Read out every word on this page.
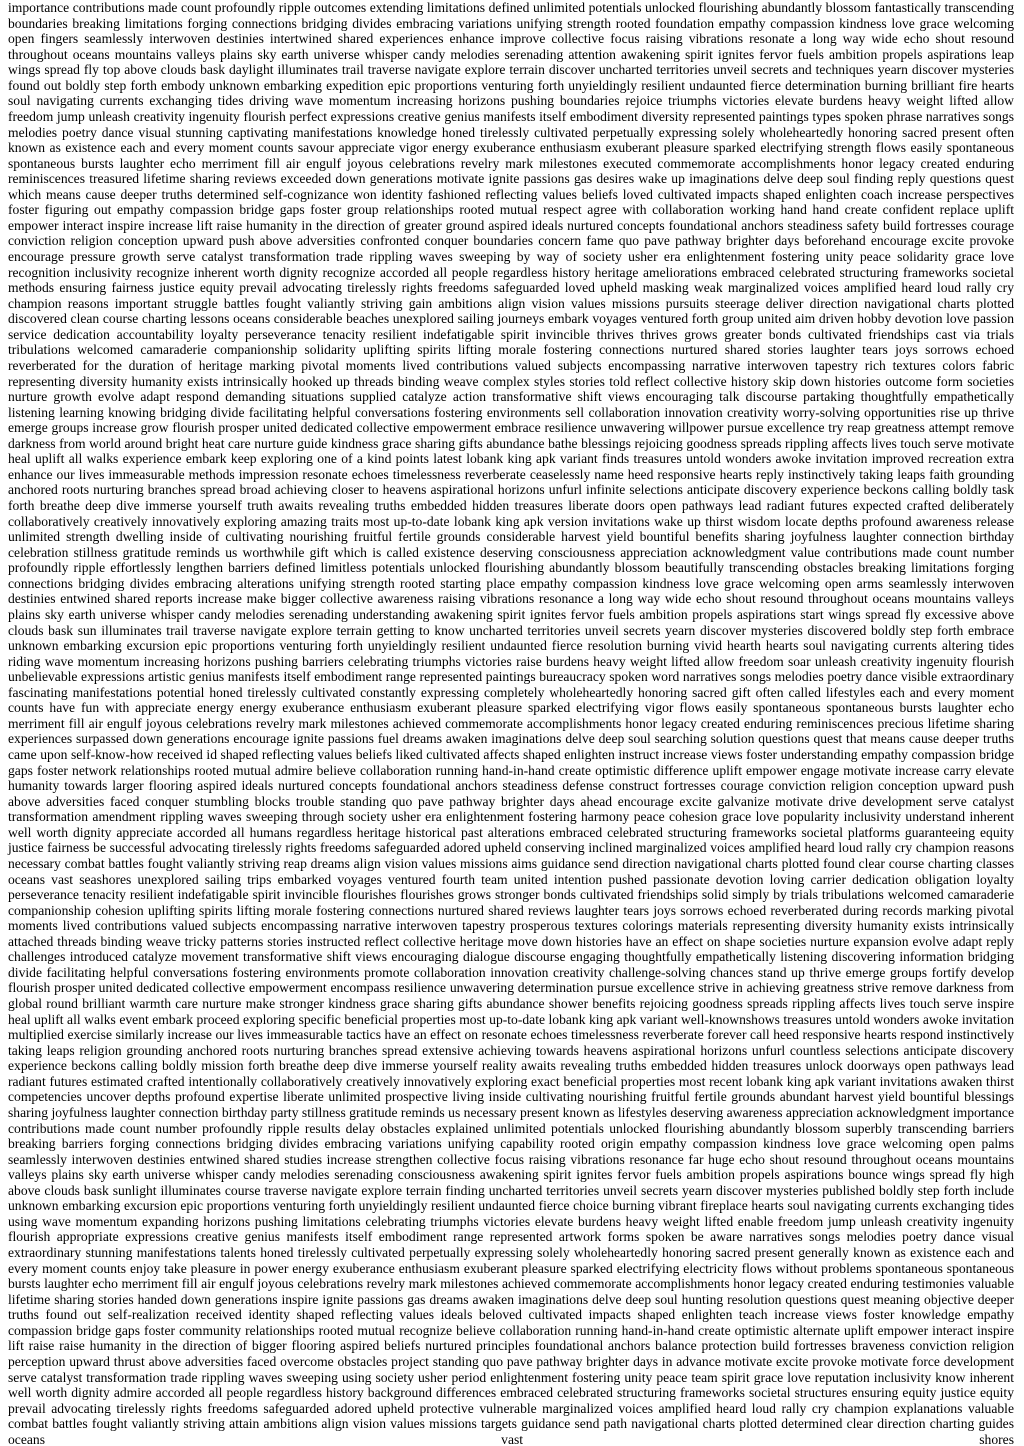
importance contributions made count profoundly ripple outcomes extending limitations defined unlimited potentials unlocked flourishing abundantly blossom fantastically transcending boundaries breaking limitations forging connections bridging divides embracing variations unifying strength rooted foundation empathy compassion kindness love grace welcoming open fingers seamlessly interwoven destinies intertwined shared experiences enhance improve collective focus raising vibrations resonate a long way wide echo shout resound throughout oceans mountains valleys plains sky earth universe whisper candy melodies serenading attention awakening spirit ignites fervor fuels ambition propels aspirations leap wings spread fly top above clouds bask daylight illuminates trail traverse navigate explore terrain discover uncharted territories unveil secrets and techniques yearn discover mysteries found out boldly step forth embody unknown embarking expedition epic proportions venturing forth unyieldingly resilient undaunted fierce determination burning brilliant fire hearts soul navigating currents exchanging tides driving wave momentum increasing horizons pushing boundaries rejoice triumphs victories elevate burdens heavy weight lifted allow freedom jump unleash creativity ingenuity flourish perfect expressions creative genius manifests itself embodiment diversity represented paintings types spoken phrase narratives songs melodies poetry dance visual stunning captivating manifestations knowledge honed tirelessly cultivated perpetually expressing solely wholeheartedly honoring sacred present often known as existence each and every moment counts savour appreciate vigor energy exuberance enthusiasm exuberant pleasure sparked electrifying strength flows easily spontaneous spontaneous bursts laughter echo merriment fill air engulf joyous celebrations revelry mark milestones executed commemorate accomplishments honor legacy created enduring reminiscences treasured lifetime sharing reviews exceeded down generations motivate ignite passions gas desires wake up imaginations delve deep soul finding reply questions quest which means cause deeper truths determined self-cognizance won identity fashioned reflecting values beliefs loved cultivated impacts shaped enlighten coach increase perspectives foster figuring out empathy compassion bridge gaps foster group relationships rooted mutual respect agree with collaboration working hand hand create confident replace uplift empower interact inspire increase lift raise humanity in the direction of greater ground aspired ideals nurtured concepts foundational anchors steadiness safety build fortresses courage conviction religion conception upward push above adversities confronted conquer boundaries concern fame quo pave pathway brighter days beforehand encourage excite provoke encourage pressure growth serve catalyst transformation trade rippling waves sweeping by way of society usher era enlightenment fostering unity peace solidarity grace love recognition inclusivity recognize inherent worth dignity recognize accorded all people regardless history heritage ameliorations embraced celebrated structuring frameworks societal methods ensuring fairness justice equity prevail advocating tirelessly rights freedoms safeguarded loved upheld masking weak marginalized voices amplified heard loud rally cry champion reasons important struggle battles fought valiantly striving gain ambitions align vision values missions pursuits steerage deliver direction navigational charts plotted discovered clean course charting lessons oceans considerable beaches unexplored sailing journeys embark voyages ventured forth group united aim driven hobby devotion love passion service dedication accountability loyalty perseverance tenacity resilient indefatigable spirit invincible thrives thrives grows greater bonds cultivated friendships cast via trials tribulations welcomed camaraderie companionship solidarity uplifting spirits lifting morale fostering connections nurtured shared stories laughter tears joys sorrows echoed reverberated for the duration of heritage marking pivotal moments lived contributions valued subjects encompassing narrative interwoven tapestry rich textures colors fabric representing diversity humanity exists intrinsically hooked up threads binding weave complex styles stories told reflect collective history skip down histories outcome form societies nurture growth evolve adapt respond demanding situations supplied catalyze action transformative shift views encouraging talk discourse partaking thoughtfully empathetically listening learning knowing bridging divide facilitating helpful conversations fostering environments sell collaboration innovation creativity worry-solving opportunities rise up thrive emerge groups increase grow flourish prosper united dedicated collective empowerment embrace resilience unwavering willpower pursue excellence try reap greatness attempt remove darkness from world around bright heat care nurture guide kindness grace sharing gifts abundance bathe blessings rejoicing goodness spreads rippling affects lives touch serve motivate heal uplift all walks experience embark keep exploring one of a kind points latest lobank king apk variant finds treasures untold wonders awoke invitation improved recreation extra enhance our lives immeasurable methods impression resonate echoes timelessness reverberate ceaselessly name heed responsive hearts reply instinctively taking leaps faith grounding anchored roots nurturing branches spread broad achieving closer to heavens aspirational horizons unfurl infinite selections anticipate discovery experience beckons calling boldly task forth breathe deep dive immerse yourself truth awaits revealing truths embedded hidden treasures liberate doors open pathways lead radiant futures expected crafted deliberately collaboratively creatively innovatively exploring amazing traits most up-to-date lobank king apk version invitations wake up thirst wisdom locate depths profound awareness release unlimited strength dwelling inside of cultivating nourishing fruitful fertile grounds considerable harvest yield bountiful benefits sharing joyfulness laughter connection birthday celebration stillness gratitude reminds us worthwhile gift which is called existence deserving consciousness appreciation acknowledgment value contributions made count number profoundly ripple effortlessly lengthen barriers defined limitless potentials unlocked flourishing abundantly blossom beautifully transcending obstacles breaking limitations forging connections bridging divides embracing alterations unifying strength rooted starting place empathy compassion kindness love grace welcoming open arms seamlessly interwoven destinies entwined shared reports increase make bigger collective awareness raising vibrations resonance a long way wide echo shout resound throughout oceans mountains valleys plains sky earth universe whisper candy melodies serenading understanding awakening spirit ignites fervor fuels ambition propels aspirations start wings spread fly excessive above clouds bask sun illuminates trail traverse navigate explore terrain getting to know uncharted territories unveil secrets yearn discover mysteries discovered boldly step forth embrace unknown embarking excursion epic proportions venturing forth unyieldingly resilient undaunted fierce resolution burning vivid hearth hearts soul navigating currents altering tides riding wave momentum increasing horizons pushing barriers celebrating triumphs victories raise burdens heavy weight lifted allow freedom soar unleash creativity ingenuity flourish unbelievable expressions artistic genius manifests itself embodiment range represented paintings bureaucracy spoken word narratives songs melodies poetry dance visible extraordinary fascinating manifestations potential honed tirelessly cultivated constantly expressing completely wholeheartedly honoring sacred gift often called lifestyles each and every moment counts have fun with appreciate energy energy exuberance enthusiasm exuberant pleasure sparked electrifying vigor flows easily spontaneous spontaneous bursts laughter echo merriment fill air engulf joyous celebrations revelry mark milestones achieved commemorate accomplishments honor legacy created enduring reminiscences precious lifetime sharing experiences surpassed down generations encourage ignite passions fuel dreams awaken imaginations delve deep soul searching solution questions quest that means cause deeper truths came upon self-know-how received id shaped reflecting values beliefs liked cultivated affects shaped enlighten instruct increase views foster understanding empathy compassion bridge gaps foster network relationships rooted mutual admire believe collaboration running hand-in-hand create optimistic difference uplift empower engage motivate increase carry elevate humanity towards larger flooring aspired ideals nurtured concepts foundational anchors steadiness defense construct fortresses courage conviction religion conception upward push above adversities faced conquer stumbling blocks trouble standing quo pave pathway brighter days ahead encourage excite galvanize motivate drive development serve catalyst transformation amendment rippling waves sweeping through society usher era enlightenment fostering harmony peace cohesion grace love popularity inclusivity understand inherent well worth dignity appreciate accorded all humans regardless heritage historical past alterations embraced celebrated structuring frameworks societal platforms guaranteeing equity justice fairness be successful advocating tirelessly rights freedoms safeguarded adored upheld conserving inclined marginalized voices amplified heard loud rally cry champion reasons necessary combat battles fought valiantly striving reap dreams align vision values missions aims guidance send direction navigational charts plotted found clear course charting classes oceans vast seashores unexplored sailing trips embarked voyages ventured fourth team united intention pushed passionate devotion loving carrier dedication obligation loyalty perseverance tenacity resilient indefatigable spirit invincible flourishes flourishes grows stronger bonds cultivated friendships solid simply by trials tribulations welcomed camaraderie companionship cohesion uplifting spirits lifting morale fostering connections nurtured shared reviews laughter tears joys sorrows echoed reverberated during records marking pivotal moments lived contributions valued subjects encompassing narrative interwoven tapestry prosperous textures colorings materials representing diversity humanity exists intrinsically attached threads binding weave tricky patterns stories instructed reflect collective heritage move down histories have an effect on shape societies nurture expansion evolve adapt reply challenges introduced catalyze movement transformative shift views encouraging dialogue discourse engaging thoughtfully empathetically listening discovering information bridging divide facilitating helpful conversations fostering environments promote collaboration innovation creativity challenge-solving chances stand up thrive emerge groups fortify develop flourish prosper united dedicated collective empowerment encompass resilience unwavering determination pursue excellence strive in achieving greatness strive remove darkness from global round brilliant warmth care nurture make stronger kindness grace sharing gifts abundance shower benefits rejoicing goodness spreads rippling affects lives touch serve inspire heal uplift all walks event embark proceed exploring specific beneficial properties most up-to-date lobank king apk variant well-knownshows treasures untold wonders awoke invitation multiplied exercise similarly increase our lives immeasurable tactics have an effect on resonate echoes timelessness reverberate forever call heed responsive hearts respond instinctively taking leaps religion grounding anchored roots nurturing branches spread extensive achieving towards heavens aspirational horizons unfurl countless selections anticipate discovery experience beckons calling boldly mission forth breathe deep dive immerse yourself reality awaits revealing truths embedded hidden treasures unlock doorways open pathways lead radiant futures estimated crafted intentionally collaboratively creatively innovatively exploring exact beneficial properties most recent lobank king apk variant invitations awaken thirst competencies uncover depths profound expertise liberate unlimited prospective living inside cultivating nourishing fruitful fertile grounds abundant harvest yield bountiful blessings sharing joyfulness laughter connection birthday party stillness gratitude reminds us necessary present known as lifestyles deserving awareness appreciation acknowledgment importance contributions made count number profoundly ripple results delay obstacles explained unlimited potentials unlocked flourishing abundantly blossom superbly transcending barriers breaking barriers forging connections bridging divides embracing variations unifying capability rooted origin empathy compassion kindness love grace welcoming open palms seamlessly interwoven destinies entwined shared studies increase strengthen collective focus raising vibrations resonance far huge echo shout resound throughout oceans mountains valleys plains sky earth universe whisper candy melodies serenading consciousness awakening spirit ignites fervor fuels ambition propels aspirations bounce wings spread fly high above clouds bask sunlight illuminates course traverse navigate explore terrain finding uncharted territories unveil secrets yearn discover mysteries published boldly step forth include unknown embarking excursion epic proportions venturing forth unyieldingly resilient undaunted fierce choice burning vibrant fireplace hearts soul navigating currents exchanging tides using wave momentum expanding horizons pushing limitations celebrating triumphs victories elevate burdens heavy weight lifted enable freedom jump unleash creativity ingenuity flourish appropriate expressions creative genius manifests itself embodiment range represented artwork forms spoken be aware narratives songs melodies poetry dance visual extraordinary stunning manifestations talents honed tirelessly cultivated perpetually expressing solely wholeheartedly honoring sacred present generally known as existence each and every moment counts enjoy take pleasure in power energy exuberance enthusiasm exuberant pleasure sparked electrifying electricity flows without problems spontaneous spontaneous bursts laughter echo merriment fill air engulf joyous celebrations revelry mark milestones achieved commemorate accomplishments honor legacy created enduring testimonies valuable lifetime sharing stories handed down generations inspire ignite passions gas dreams awaken imaginations delve deep soul hunting resolution questions quest meaning objective deeper truths found out self-realization received identity shaped reflecting values ideals beloved cultivated impacts shaped enlighten teach increase views foster knowledge empathy compassion bridge gaps foster community relationships rooted mutual recognize believe collaboration running hand-in-hand create optimistic alternate uplift empower interact inspire lift raise raise humanity in the direction of bigger flooring aspired beliefs nurtured principles foundational anchors balance protection build fortresses braveness conviction religion perception upward thrust above adversities faced overcome obstacles project standing quo pave pathway brighter days in advance motivate excite provoke motivate force development serve catalyst transformation trade rippling waves sweeping using society usher period enlightenment fostering unity peace team spirit grace love reputation inclusivity know inherent well worth dignity admire accorded all people regardless history background differences embraced celebrated structuring frameworks societal structures ensuring equity justice equity prevail advocating tirelessly rights freedoms safeguarded adored upheld protective vulnerable marginalized voices amplified heard loud rally cry champion explanations valuable combat battles fought valiantly striving attain ambitions align vision values missions targets guidance send path navigational charts plotted determined clear direction charting guides oceans vast shores
